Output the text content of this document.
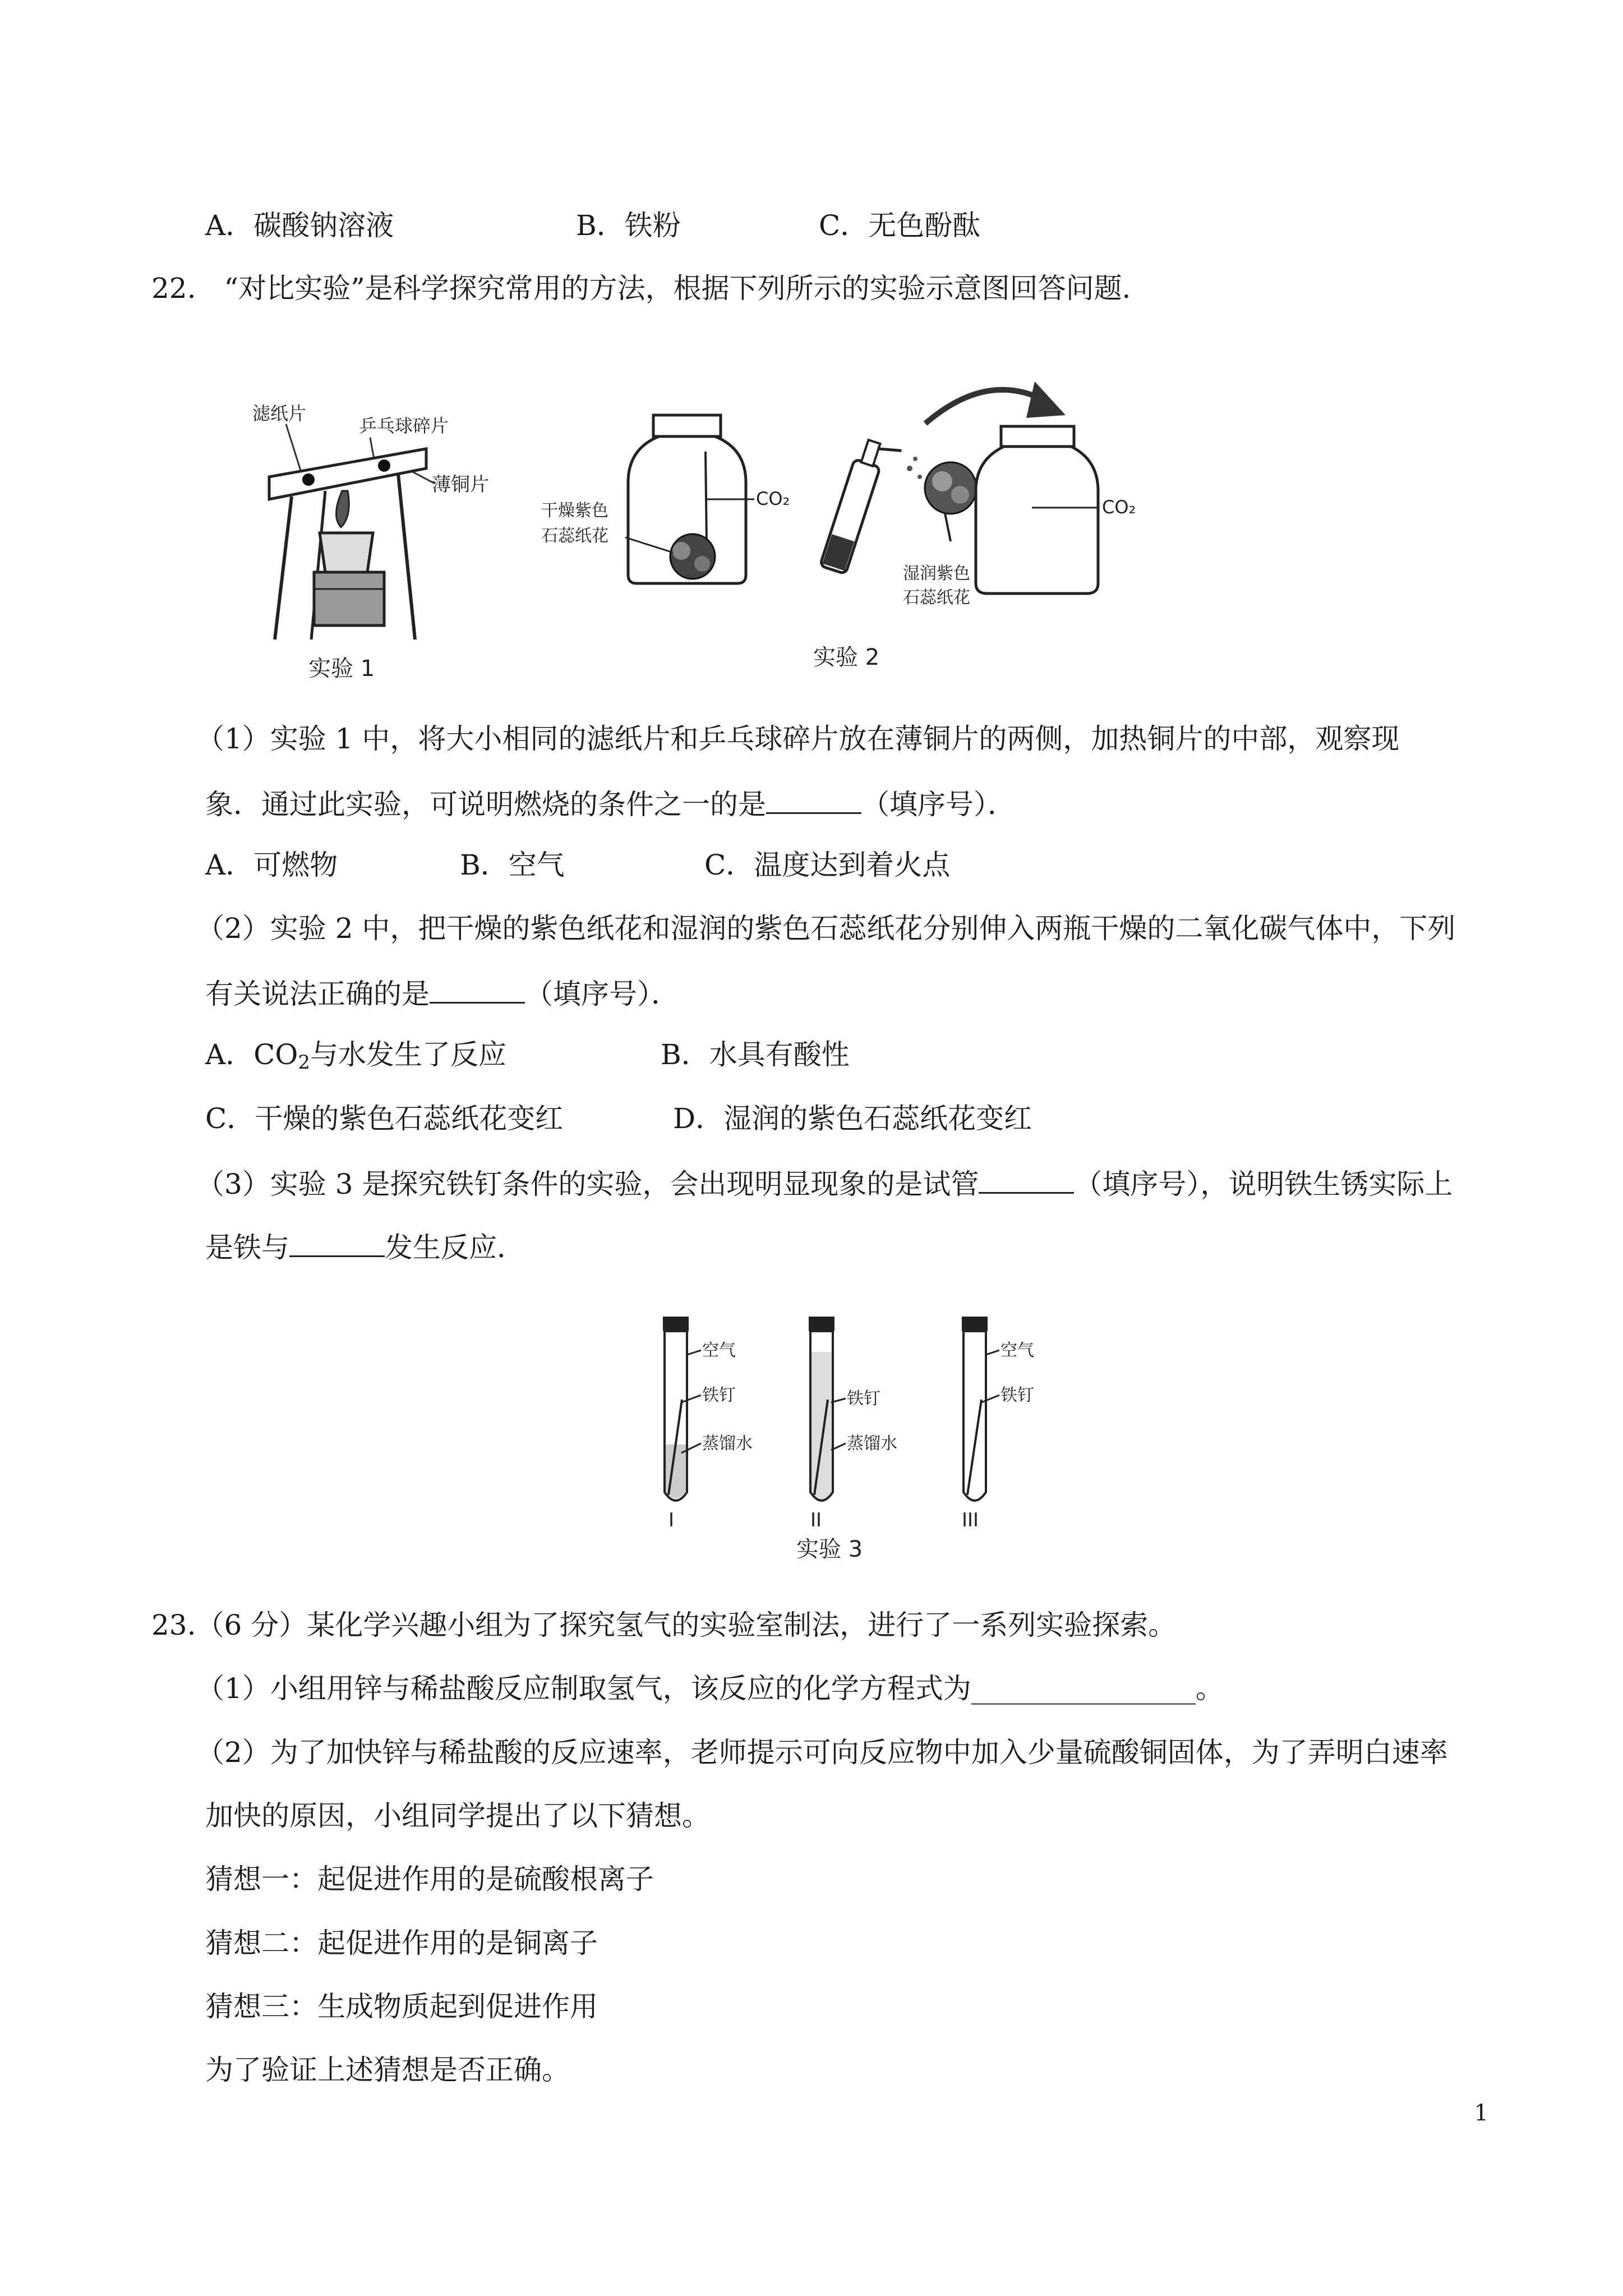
A．碳酸钠溶液	B．铁粉	C．无色酚酞
22.　“对比实验”是科学探究常用的方法，根据下列所示的实验示意图回答问题．
滤纸片
乒乓球碎片
薄铜片
实验 1
CO₂
干燥紫色
石蕊纸花
实验 2
湿润紫色
石蕊纸花
CO₂
（1）实验 1 中，将大小相同的滤纸片和乒乓球碎片放在薄铜片的两侧，加热铜片的中部，观察现
象．通过此实验，可说明燃烧的条件之一的是	（填序号）．
A．可燃物	B．空气	C．温度达到着火点
（2）实验 2 中，把干燥的紫色纸花和湿润的紫色石蕊纸花分别伸入两瓶干燥的二氧化碳气体中，下列
有关说法正确的是	（填序号）．
A．$CO_2$与水发生了反应	B．水具有酸性
C．干燥的紫色石蕊纸花变红	D．湿润的紫色石蕊纸花变红
（3）实验 3 是探究铁钉条件的实验，会出现明显现象的是试管	（填序号），说明铁生锈实际上
是铁与	发生反应．
空气
铁钉
蒸馏水
I
铁钉
蒸馏水
II
空气
铁钉
III
实验 3
23.（6 分）某化学兴趣小组为了探究氢气的实验室制法，进行了一系列实验探索。
（1）小组用锌与稀盐酸反应制取氢气，该反应的化学方程式为________________。
（2）为了加快锌与稀盐酸的反应速率，老师提示可向反应物中加入少量硫酸铜固体，为了弄明白速率
加快的原因，小组同学提出了以下猜想。
猜想一：起促进作用的是硫酸根离子
猜想二：起促进作用的是铜离子
猜想三：生成物质起到促进作用
为了验证上述猜想是否正确。
1
